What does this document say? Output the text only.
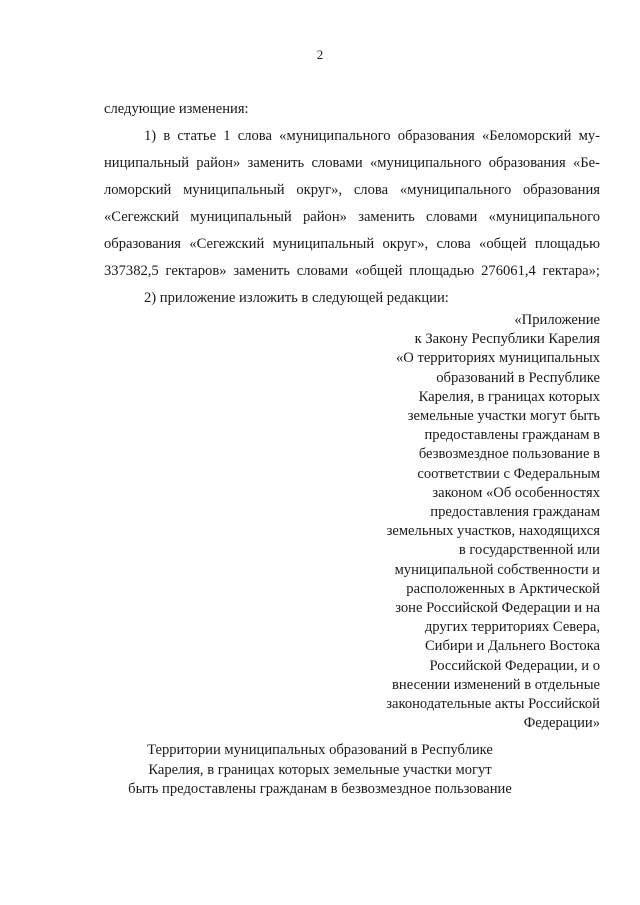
2
следующие изменения:
1) в статье 1 слова «муниципального образования «Беломорский му-
ниципальный район» заменить словами «муниципального образования «Бе-
ломорский муниципальный округ», слова «муниципального образования
«Сегежский муниципальный район» заменить словами «муниципального
образования «Сегежский муниципальный округ», слова «общей площадью
337382,5 гектаров» заменить словами «общей площадью 276061,4 гектара»;
2) приложение изложить в следующей редакции:
«Приложение
к Закону Республики Карелия
«О территориях муниципальных
образований в Республике
Карелия, в границах которых
земельные участки могут быть
предоставлены гражданам в
безвозмездное пользование в
соответствии с Федеральным
законом «Об особенностях
предоставления гражданам
земельных участков, находящихся
в государственной или
муниципальной собственности и
расположенных в Арктической
зоне Российской Федерации и на
других территориях Севера,
Сибири и Дальнего Востока
Российской Федерации, и о
внесении изменений в отдельные
законодательные акты Российской
Федерации»
Территории муниципальных образований в Республике
Карелия, в границах которых земельные участки могут
быть предоставлены гражданам в безвозмездное пользование
